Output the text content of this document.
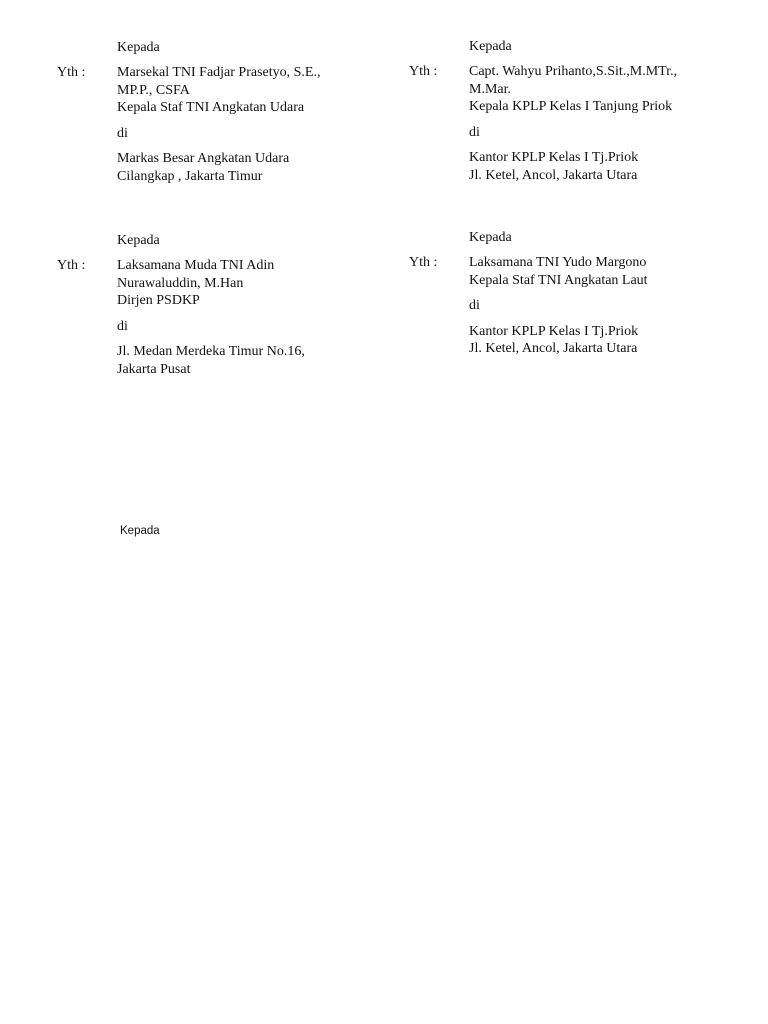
Kepada
Yth : Marsekal TNI Fadjar Prasetyo, S.E.,
MP.P., CSFA
Kepala Staf TNI Angkatan Udara
di
Markas Besar Angkatan Udara
Cilangkap , Jakarta Timur
Kepada
Yth : Capt. Wahyu Prihanto,S.Sit.,M.MTr.,
M.Mar.
Kepala KPLP Kelas I Tanjung Priok
di
Kantor KPLP Kelas I Tj.Priok
Jl. Ketel, Ancol, Jakarta Utara
Kepada
Yth : Laksamana Muda TNI Adin
Nurawaluddin, M.Han
Dirjen PSDKP
di
Jl. Medan Merdeka Timur No.16,
Jakarta Pusat
Kepada
Yth : Laksamana TNI Yudo Margono
Kepala Staf TNI Angkatan Laut
di
Kantor KPLP Kelas I Tj.Priok
Jl. Ketel, Ancol, Jakarta Utara
Kepada
